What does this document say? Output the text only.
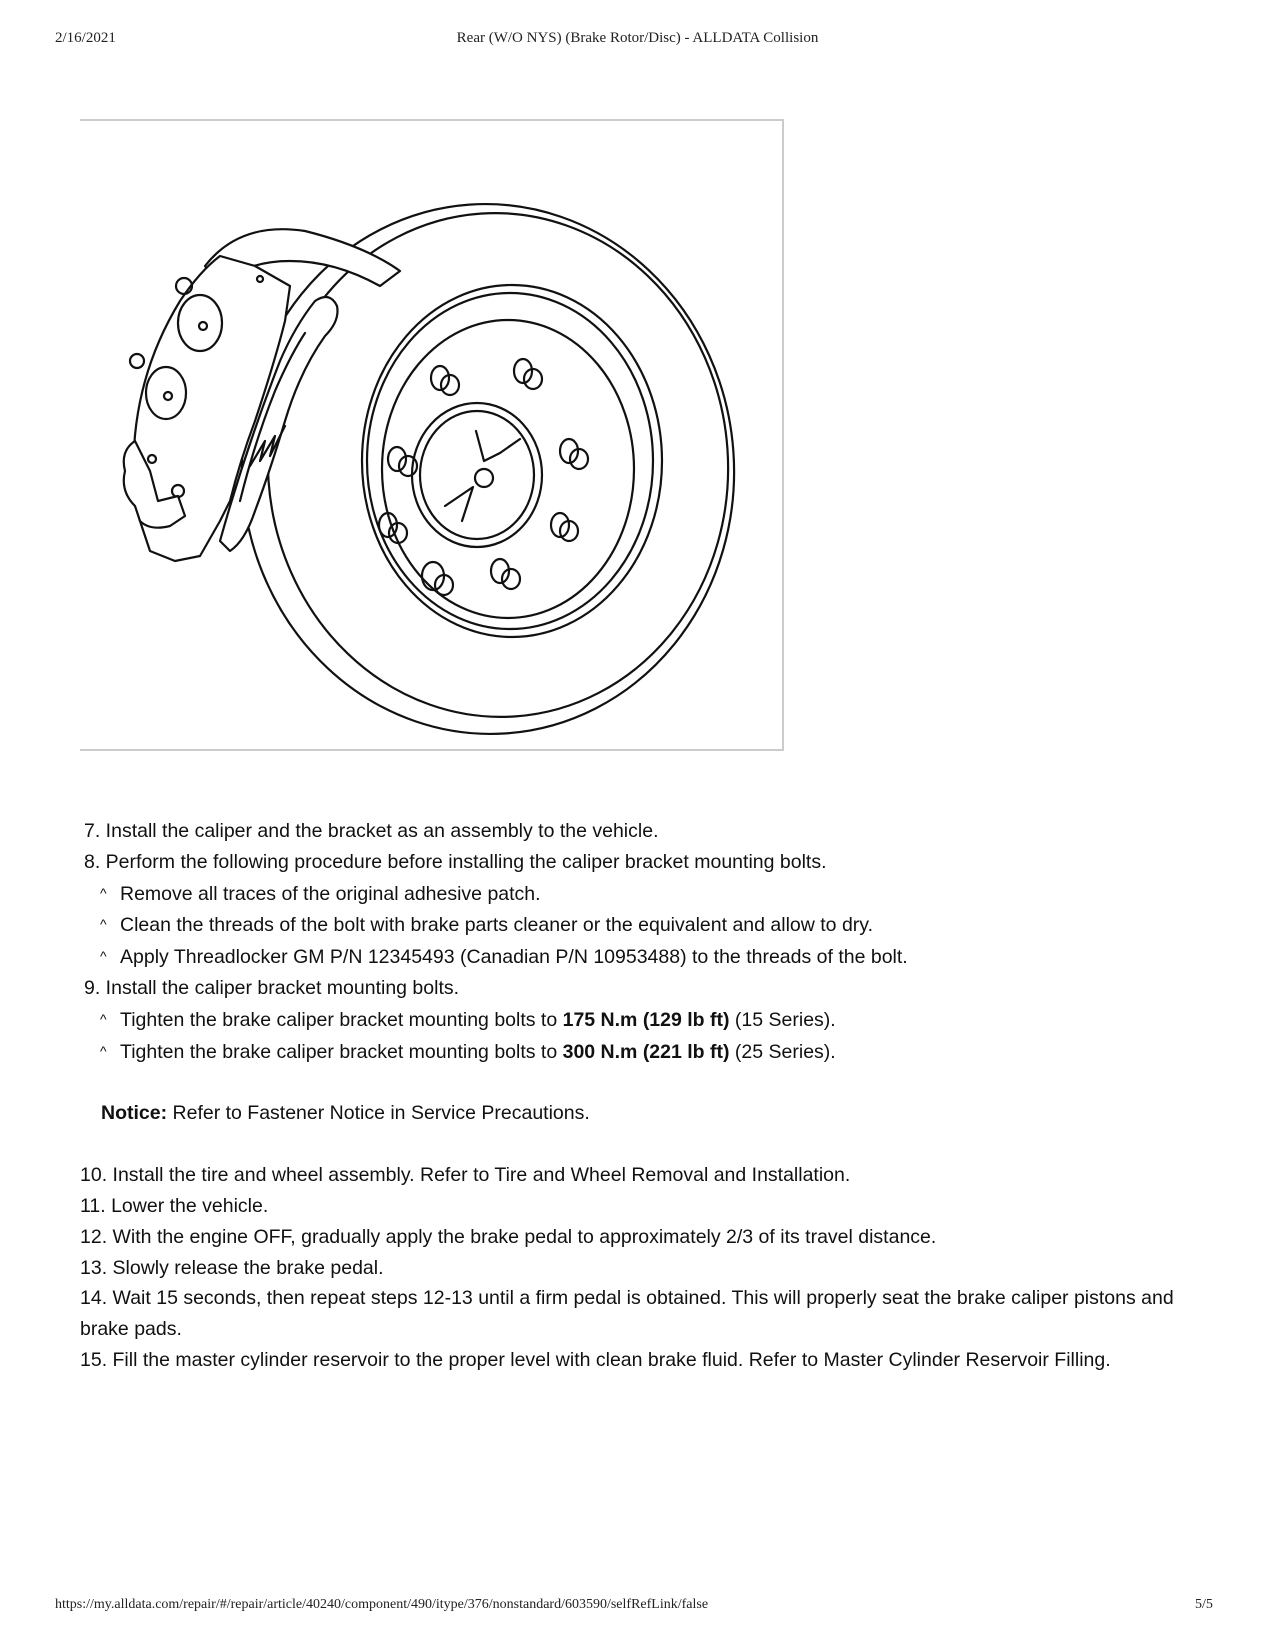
2/16/2021	Rear (W/O NYS) (Brake Rotor/Disc) - ALLDATA Collision
7. Install the caliper and the bracket as an assembly to the vehicle.
8. Perform the following procedure before installing the caliper bracket mounting bolts.
^ Remove all traces of the original adhesive patch.
^ Clean the threads of the bolt with brake parts cleaner or the equivalent and allow to dry.
^ Apply Threadlocker GM P/N 12345493 (Canadian P/N 10953488) to the threads of the bolt.
9. Install the caliper bracket mounting bolts.
^ Tighten the brake caliper bracket mounting bolts to 175 N.m (129 lb ft) (15 Series).
^ Tighten the brake caliper bracket mounting bolts to 300 N.m (221 lb ft) (25 Series).
Notice: Refer to Fastener Notice in Service Precautions.
10. Install the tire and wheel assembly. Refer to Tire and Wheel Removal and Installation.
11. Lower the vehicle.
12. With the engine OFF, gradually apply the brake pedal to approximately 2/3 of its travel distance.
13. Slowly release the brake pedal.
14. Wait 15 seconds, then repeat steps 12-13 until a firm pedal is obtained. This will properly seat the brake caliper pistons and brake pads.
15. Fill the master cylinder reservoir to the proper level with clean brake fluid. Refer to Master Cylinder Reservoir Filling.
https://my.alldata.com/repair/#/repair/article/40240/component/490/itype/376/nonstandard/603590/selfRefLink/false	5/5
